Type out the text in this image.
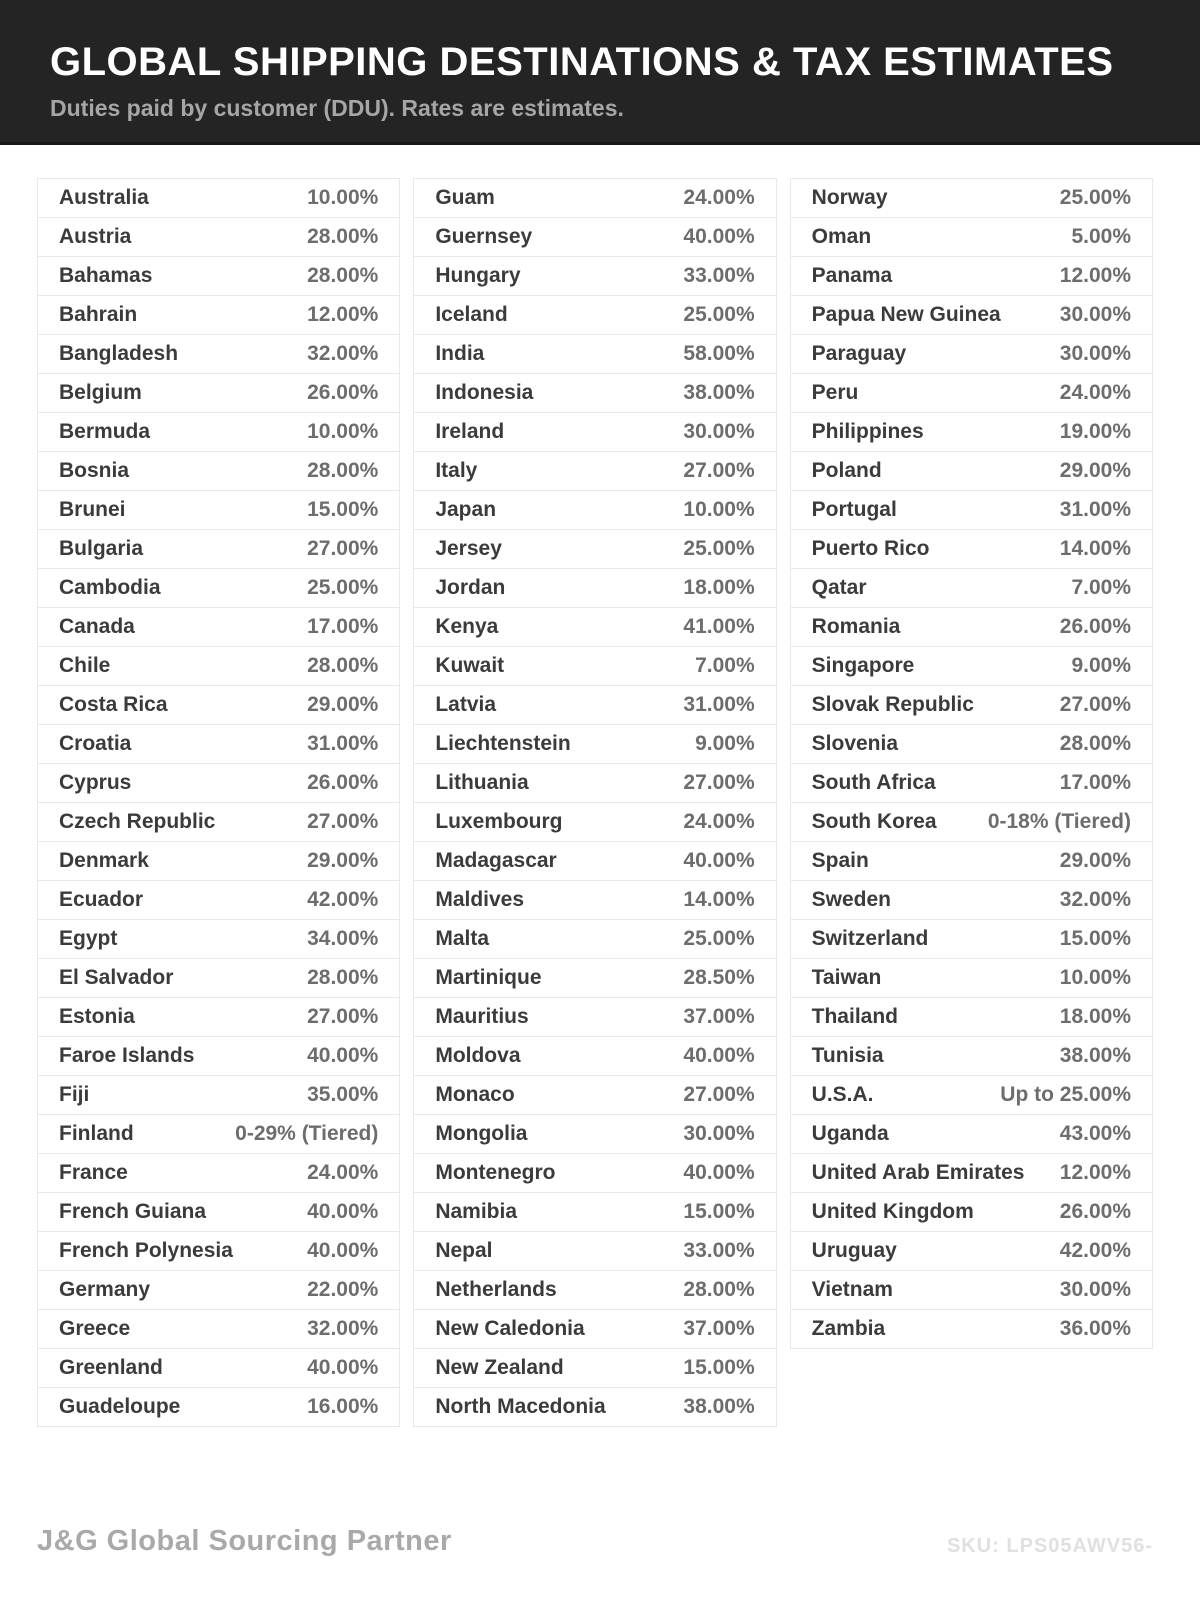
GLOBAL SHIPPING DESTINATIONS & TAX ESTIMATES

Duties paid by customer (DDU). Rates are estimates.

Australia	10.00%
Austria	28.00%
Bahamas	28.00%
Bahrain	12.00%
Bangladesh	32.00%
Belgium	26.00%
Bermuda	10.00%
Bosnia	28.00%
Brunei	15.00%
Bulgaria	27.00%
Cambodia	25.00%
Canada	17.00%
Chile	28.00%
Costa Rica	29.00%
Croatia	31.00%
Cyprus	26.00%
Czech Republic	27.00%
Denmark	29.00%
Ecuador	42.00%
Egypt	34.00%
El Salvador	28.00%
Estonia	27.00%
Faroe Islands	40.00%
Fiji	35.00%
Finland	0-29% (Tiered)
France	24.00%
French Guiana	40.00%
French Polynesia	40.00%
Germany	22.00%
Greece	32.00%
Greenland	40.00%
Guadeloupe	16.00%
Guam	24.00%
Guernsey	40.00%
Hungary	33.00%
Iceland	25.00%
India	58.00%
Indonesia	38.00%
Ireland	30.00%
Italy	27.00%
Japan	10.00%
Jersey	25.00%
Jordan	18.00%
Kenya	41.00%
Kuwait	7.00%
Latvia	31.00%
Liechtenstein	9.00%
Lithuania	27.00%
Luxembourg	24.00%
Madagascar	40.00%
Maldives	14.00%
Malta	25.00%
Martinique	28.50%
Mauritius	37.00%
Moldova	40.00%
Monaco	27.00%
Mongolia	30.00%
Montenegro	40.00%
Namibia	15.00%
Nepal	33.00%
Netherlands	28.00%
New Caledonia	37.00%
New Zealand	15.00%
North Macedonia	38.00%
Norway	25.00%
Oman	5.00%
Panama	12.00%
Papua New Guinea	30.00%
Paraguay	30.00%
Peru	24.00%
Philippines	19.00%
Poland	29.00%
Portugal	31.00%
Puerto Rico	14.00%
Qatar	7.00%
Romania	26.00%
Singapore	9.00%
Slovak Republic	27.00%
Slovenia	28.00%
South Africa	17.00%
South Korea 0-18% (Tiered)
Spain	29.00%
Sweden	32.00%
Switzerland	15.00%
Taiwan	10.00%
Thailand	18.00%
Tunisia	38.00%
U.S.A.	Up to 25.00%
Uganda	43.00%
United Arab Emirates 12.00%
United Kingdom	26.00%
Uruguay	42.00%
Vietnam	30.00%
Zambia	36.00%
J&G Global Sourcing Partner	SKU: LPS05AWV56-
